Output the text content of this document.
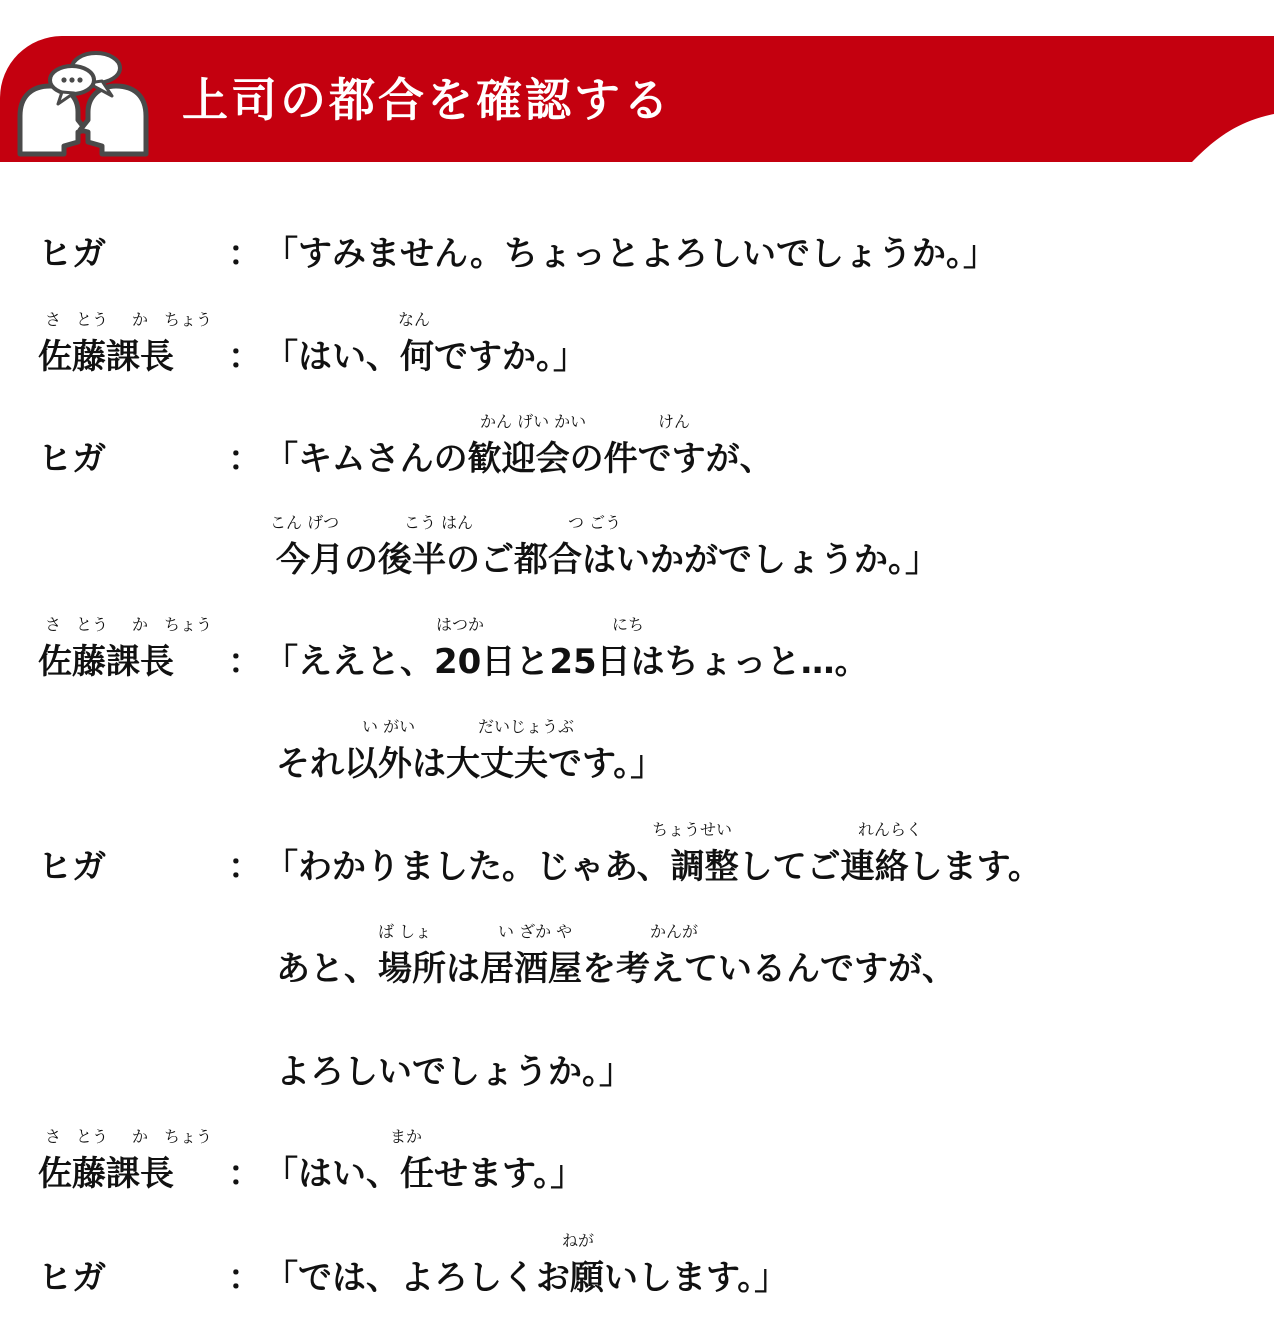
上司の都合を確認する
ヒガ	： 「すみません。ちょっとよろしいでしょうか。」
さ とう か ちょう	なん
佐藤課長 ： 「はい、何ですか。」
かん げい かい	けん
ヒガ	： 「キムさんの歓迎会の件ですが、
こん げつ	こう はん	つ ごう
今月の後半のご都合はいかがでしょうか。」
さ とう か ちょう	はつか	にち
佐藤課長 ： 「ええと、20日と25日はちょっと…。
い がい	だいじょうぶ
それ以外は大丈夫です。」
ちょうせい	れんらく
ヒガ	： 「わかりました。じゃあ、調整してご連絡します。
ば しょ	い ざか や	かんが
あと、場所は居酒屋を考えているんですが、
よろしいでしょうか。」
さ とう か ちょう	まか
佐藤課長 ： 「はい、任せます。」
ねが
ヒガ	： 「では、よろしくお願いします。」
